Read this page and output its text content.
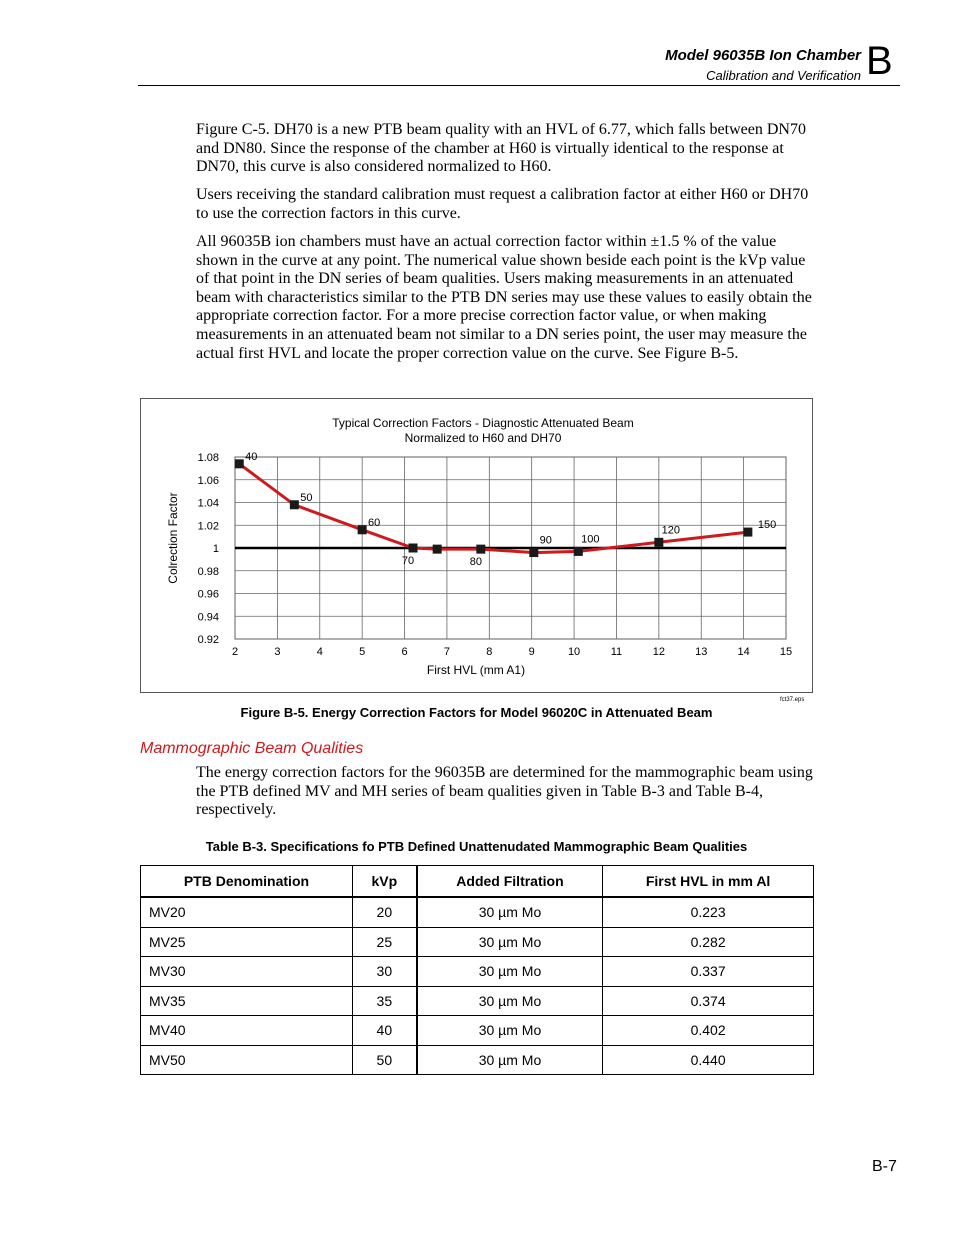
Model 96035B Ion Chamber
Calibration and Verification B

Figure C-5. DH70 is a new PTB beam quality with an HVL of 6.77, which falls between DN70 and DN80. Since the response of the chamber at H60 is virtually identical to the response at DN70, this curve is also considered normalized to H60.

Users receiving the standard calibration must request a calibration factor at either H60 or DH70 to use the correction factors in this curve.

All 96035B ion chambers must have an actual correction factor within ±1.5 % of the value shown in the curve at any point. The numerical value shown beside each point is the kVp value of that point in the DN series of beam qualities. Users making measurements in an attenuated beam with characteristics similar to the PTB DN series may use these values to easily obtain the appropriate correction factor. For a more precise correction factor value, or when making measurements in an attenuated beam not similar to a DN series point, the user may measure the actual first HVL and locate the proper correction value on the curve. See Figure B-5.

Typical Correction Factors - Diagnostic Attenuated Beam
Normalized to H60 and DH70
First HVL (mm A1)
Colrection Factor
2	3	4	5	6	7	8	9	10	11	12	13	14	15
0.92
0.94
0.96
0.98
1
1.02
1.04
1.06
1.08 40
50
60
70	80
90	100
120	150
fct37.eps
Figure B-5. Energy Correction Factors for Model 96020C in Attenuated Beam
Mammographic Beam Qualities

The energy correction factors for the 96035B are determined for the mammographic beam using the PTB defined MV and MH series of beam qualities given in Table B-3 and Table B-4, respectively.

Table B-3. Specifications fo PTB Defined Unattenudated Mammographic Beam Qualities
PTB Denomination	kVp	Added Filtration	First HVL in mm Al
MV20	20	30 µm Mo	0.223
MV25	25	30 µm Mo	0.282
MV30	30	30 µm Mo	0.337
MV35	35	30 µm Mo	0.374
MV40	40	30 µm Mo	0.402
MV50	50	30 µm Mo	0.440
B-7
